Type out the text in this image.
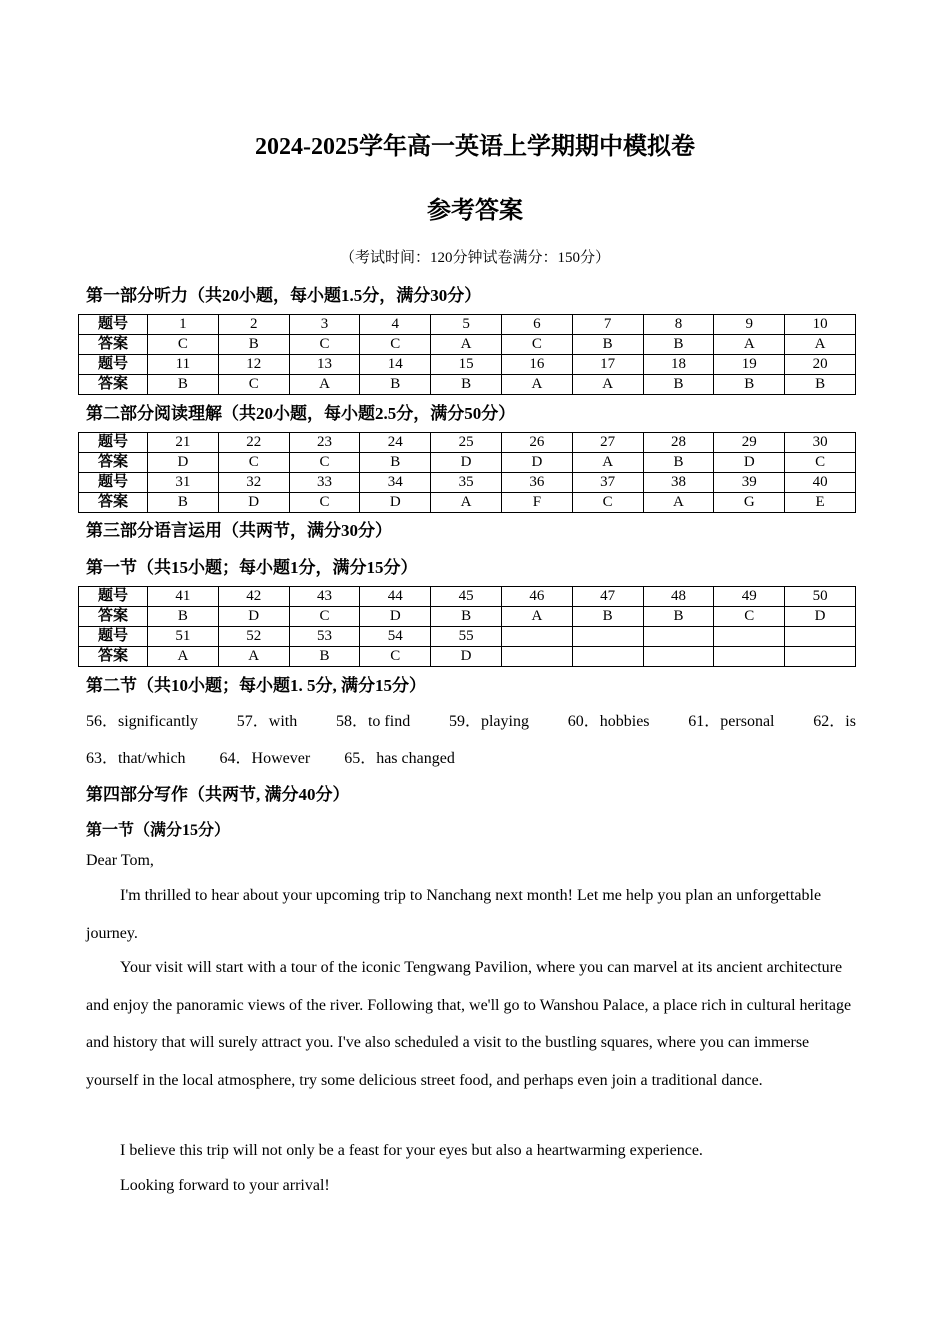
2024-2025学年高一英语上学期期中模拟卷
参考答案
（考试时间：120分钟试卷满分：150分）
第一部分听力（共20小题，每小题1.5分，满分30分）
题号	1	2	3	4	5	6	7	8	9	10
答案	C	B	C	C	A	C	B	B	A	A
题号	11	12	13	14	15	16	17	18	19	20
答案	B	C	A	B	B	A	A	B	B	B
第二部分阅读理解（共20小题，每小题2.5分，满分50分）
题号	21	22	23	24	25	26	27	28	29	30
答案	D	C	C	B	D	D	A	B	D	C
题号	31	32	33	34	35	36	37	38	39	40
答案	B	D	C	D	A	F	C	A	G	E
第三部分语言运用（共两节，满分30分）
第一节（共15小题；每小题1分，满分15分）
题号	41	42	43	44	45	46	47	48	49	50
答案	B	D	C	D	B	A	B	B	C	D
题号	51	52	53	54	55					
答案	A	A	B	C	D					
第二节（共10小题；每小题1. 5分, 满分15分）
56．significantly 57．with 58．to find 59．playing 60．hobbies 61．personal 62．is
63．that/which 64．However 65．has changed
第四部分写作（共两节, 满分40分）
第一节（满分15分）
Dear Tom,
I'm thrilled to hear about your upcoming trip to Nanchang next month! Let me help you plan an unforgettable journey.
Your visit will start with a tour of the iconic Tengwang Pavilion, where you can marvel at its ancient architecture and enjoy the panoramic views of the river. Following that, we'll go to Wanshou Palace, a place rich in cultural heritage and history that will surely attract you. I've also scheduled a visit to the bustling squares, where you can immerse yourself in the local atmosphere, try some delicious street food, and perhaps even join a traditional dance.
I believe this trip will not only be a feast for your eyes but also a heartwarming experience.
Looking forward to your arrival!
